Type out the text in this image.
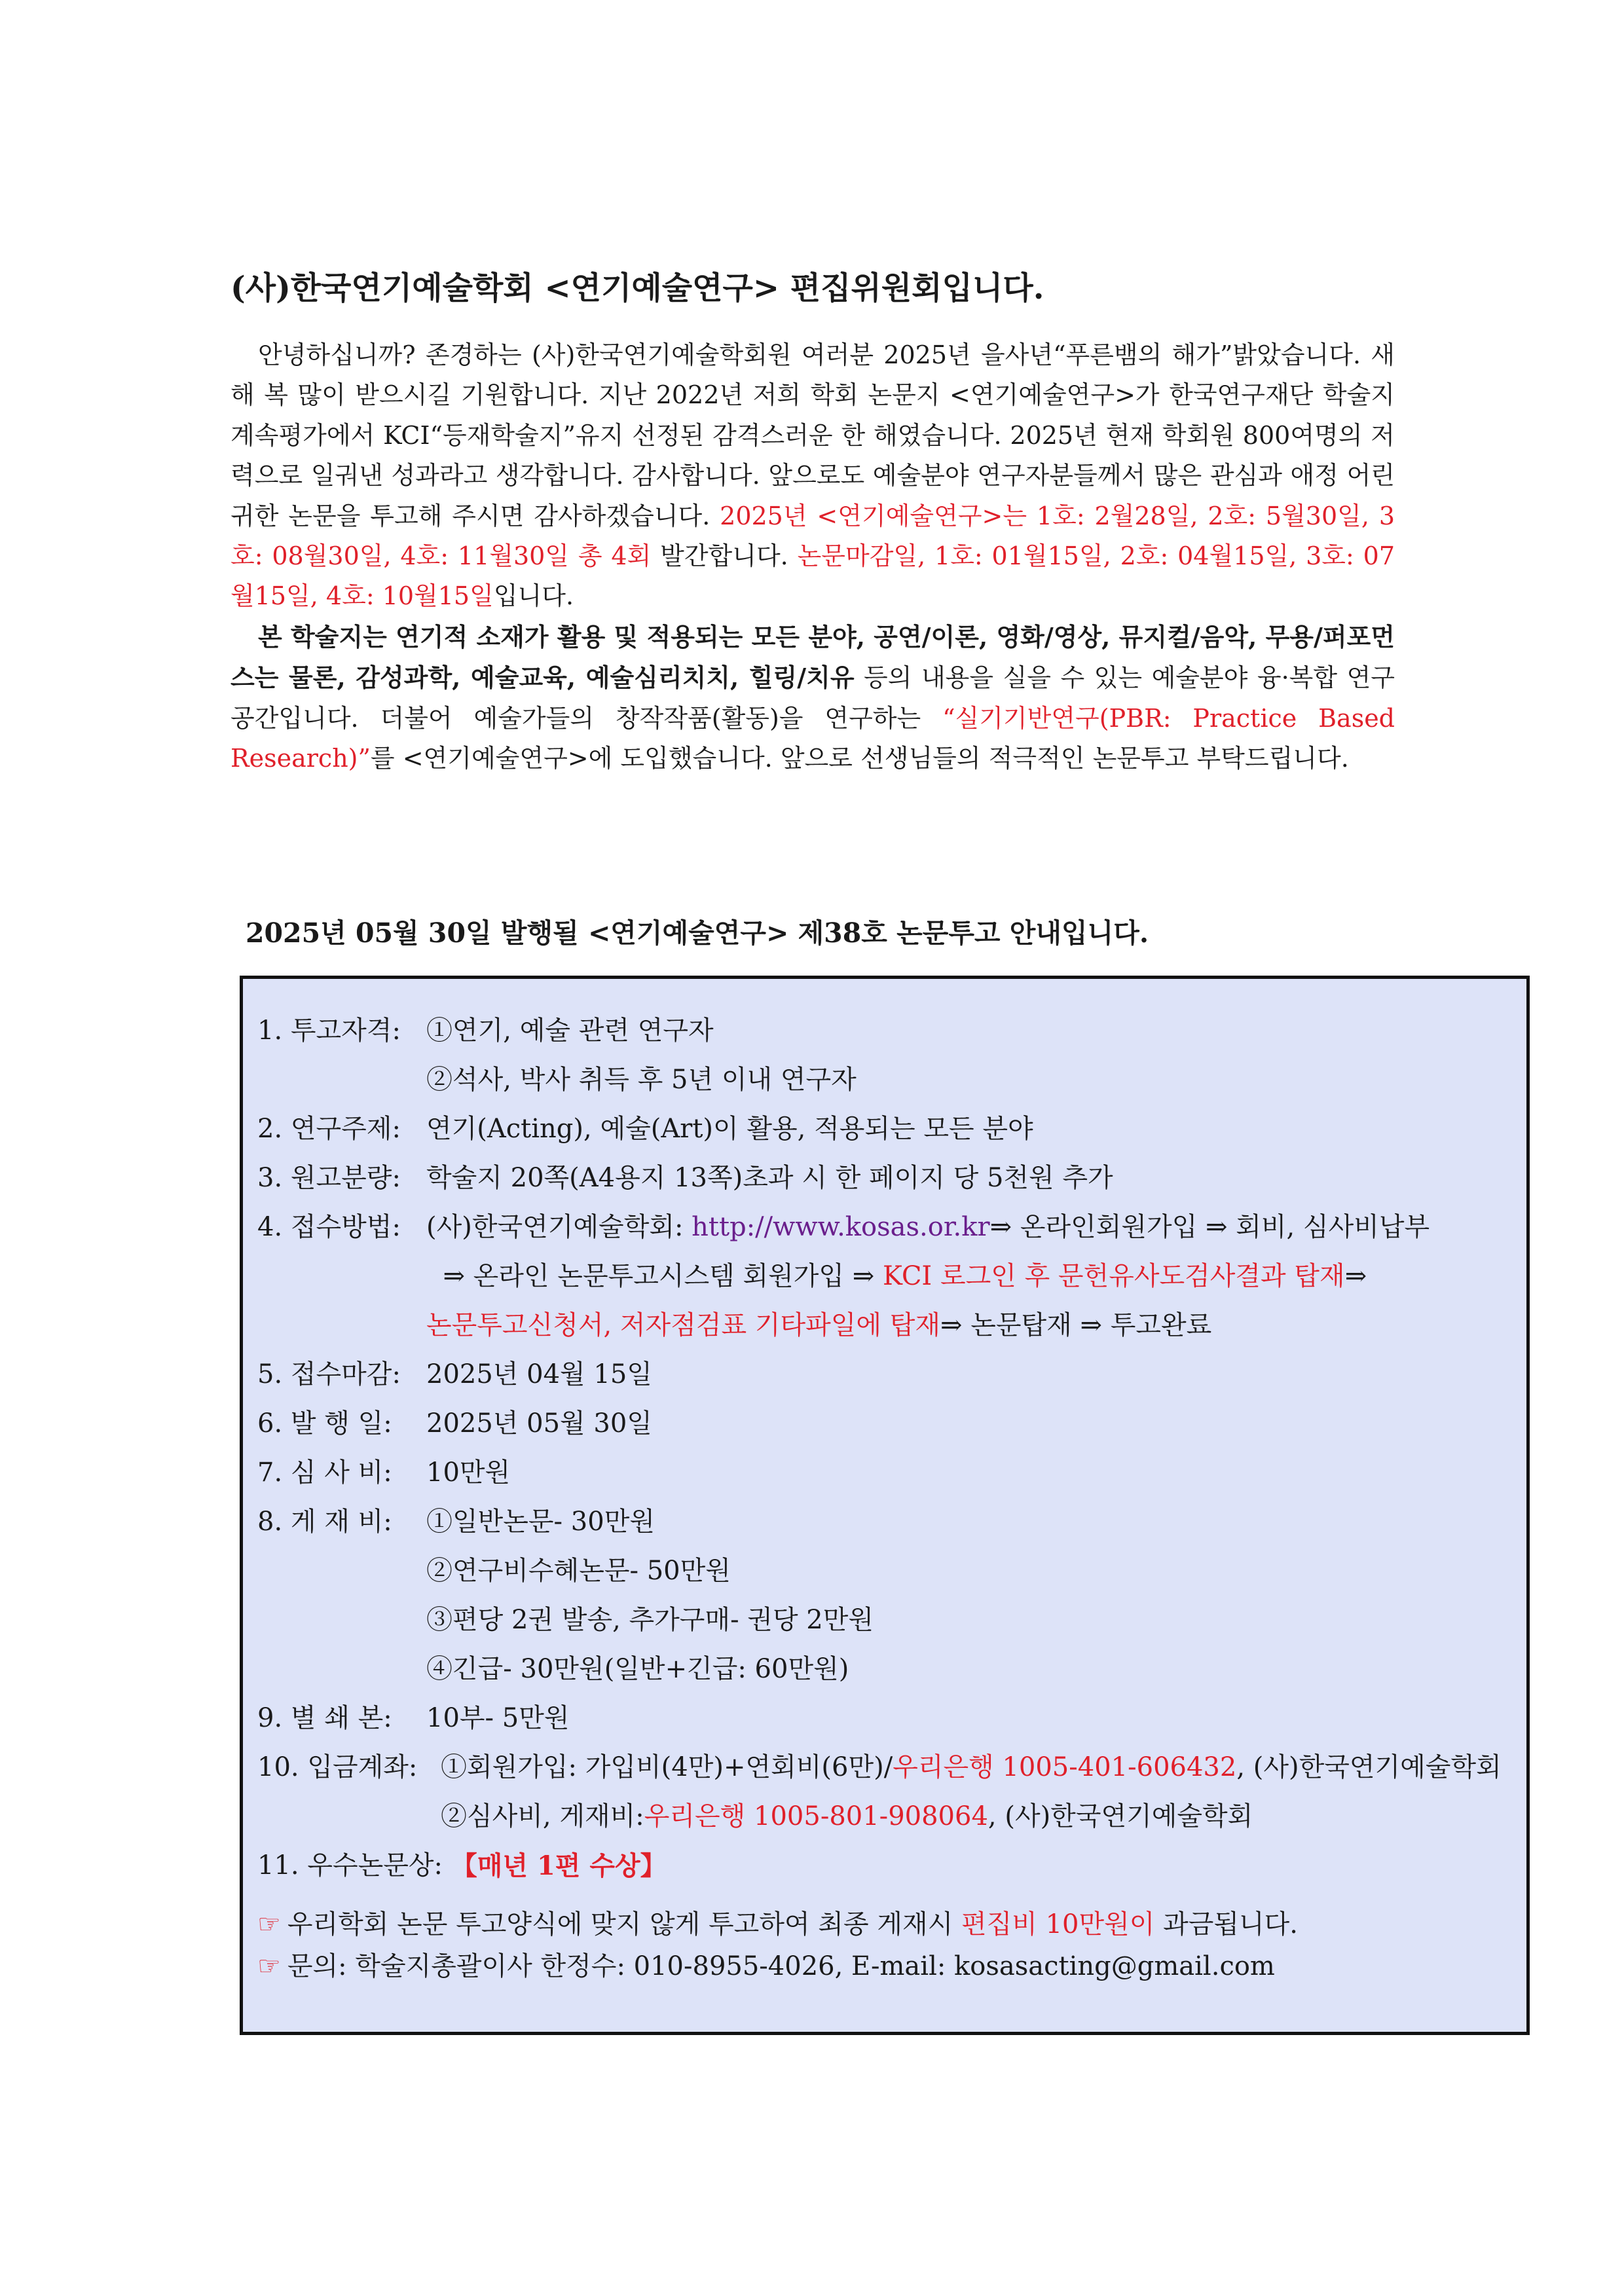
(사)한국연기예술학회 <연기예술연구> 편집위원회입니다.

안녕하십니까? 존경하는 (사)한국연기예술학회원 여러분 2025년 을사년“푸른뱀의 해가”밝았습니다. 새해 복 많이 받으시길 기원합니다. 지난 2022년 저희 학회 논문지 <연기예술연구>가 한국연구재단 학술지계속평가에서 KCI“등재학술지”유지 선정된 감격스러운 한 해였습니다. 2025년 현재 학회원 800여명의 저력으로 일궈낸 성과라고 생각합니다. 감사합니다. 앞으로도 예술분야 연구자분들께서 많은 관심과 애정 어린 귀한 논문을 투고해 주시면 감사하겠습니다. 2025년 <연기예술연구>는 1호: 2월28일, 2호: 5월30일, 3호: 08월30일, 4호: 11월30일 총 4회 발간합니다. 논문마감일, 1호: 01월15일, 2호: 04월15일, 3호: 07월15일, 4호: 10월15일입니다.

본 학술지는 연기적 소재가 활용 및 적용되는 모든 분야, 공연/이론, 영화/영상, 뮤지컬/음악, 무용/퍼포먼스는 물론, 감성과학, 예술교육, 예술심리치치, 힐링/치유 등의 내용을 실을 수 있는 예술분야 융·복합 연구공간입니다. 더불어 예술가들의 창작작품(활동)을 연구하는 “실기기반연구(PBR: Practice Based Research)”를 <연기예술연구>에 도입했습니다. 앞으로 선생님들의 적극적인 논문투고 부탁드립니다.

2025년 05월 30일 발행될 <연기예술연구> 제38호 논문투고 안내입니다.
1. 투고자격: ①연기, 예술 관련 연구자
②석사, 박사 취득 후 5년 이내 연구자
2. 연구주제: 연기(Acting), 예술(Art)이 활용, 적용되는 모든 분야
3. 원고분량: 학술지 20쪽(A4용지 13쪽)초과 시 한 페이지 당 5천원 추가
4. 접수방법: (사)한국연기예술학회:
http://www.kosas.or.kr ⇒ 온라인회원가입 ⇒ 회비, 심사비납부

⇒ 온라인 논문투고시스템 회원가입 ⇒
KCI 로그인 후 문헌유사도검사결과 탑재 ⇒
논문투고신청서, 저자점검표 기타파일에 탑재 ⇒ 논문탑재 ⇒ 투고완료
5. 접수마감: 2025년 04월 15일
6. 발 행 일:	2025년 05월 30일
7. 심 사 비:	10만원
8. 게 재 비:	①일반논문- 30만원
②연구비수혜논문- 50만원
③편당 2권 발송, 추가구매- 권당 2만원
④긴급- 30만원(일반+긴급: 60만원)
9. 별 쇄 본:	10부- 5만원
10. 입금계좌: ①회원가입: 가입비(4만)+연회비(6만)/ 우리은행 1005-401-606432 , (사)한국연기예술학회
②심사비, 게재비: 우리은행 1005-801-908064 , (사)한국연기예술학회
11. 우수논문상:
【매년 1편 수상】
☞ 우리학회 논문 투고양식에 맞지 않게 투고하여 최종 게재시 편집비 10만원이 과금됩니다.
☞ 문의: 학술지총괄이사 한정수: 010-8955-4026, E-mail: kosasacting@gmail.com
